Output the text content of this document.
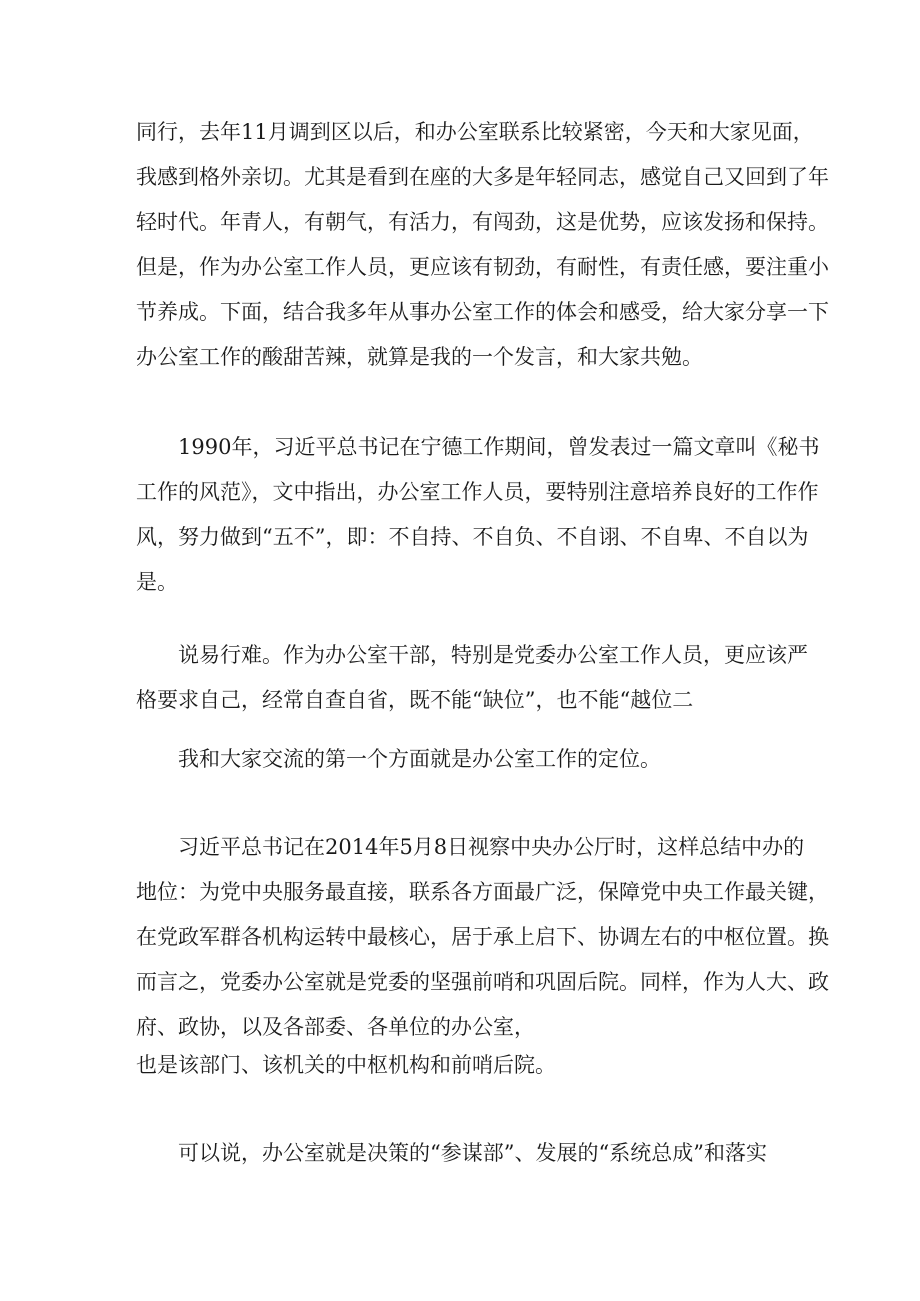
同行，去年11月调到区以后，和办公室联系比较紧密，今天和大家见面，
我感到格外亲切。尤其是看到在座的大多是年轻同志，感觉自己又回到了年
轻时代。年青人，有朝气，有活力，有闯劲，这是优势，应该发扬和保持。
但是，作为办公室工作人员，更应该有韧劲，有耐性，有责任感，要注重小
节养成。下面，结合我多年从事办公室工作的体会和感受，给大家分享一下
办公室工作的酸甜苦辣，就算是我的一个发言，和大家共勉。
1990年，习近平总书记在宁德工作期间，曾发表过一篇文章叫《秘书
工作的风范》，文中指出，办公室工作人员，要特别注意培养良好的工作作
风，努力做到“五不”，即：不自持、不自负、不自诩、不自卑、不自以为
是。
说易行难。作为办公室干部，特别是党委办公室工作人员，更应该严
格要求自己，经常自查自省，既不能“缺位”，也不能“越位二
我和大家交流的第一个方面就是办公室工作的定位。
习近平总书记在2014年5月8日视察中央办公厅时，这样总结中办的
地位：为党中央服务最直接，联系各方面最广泛，保障党中央工作最关键，
在党政军群各机构运转中最核心，居于承上启下、协调左右的中枢位置。换
而言之，党委办公室就是党委的坚强前哨和巩固后院。同样，作为人大、政
府、政协，以及各部委、各单位的办公室，
也是该部门、该机关的中枢机构和前哨后院。
可以说，办公室就是决策的“参谋部”、发展的“系统总成”和落实
